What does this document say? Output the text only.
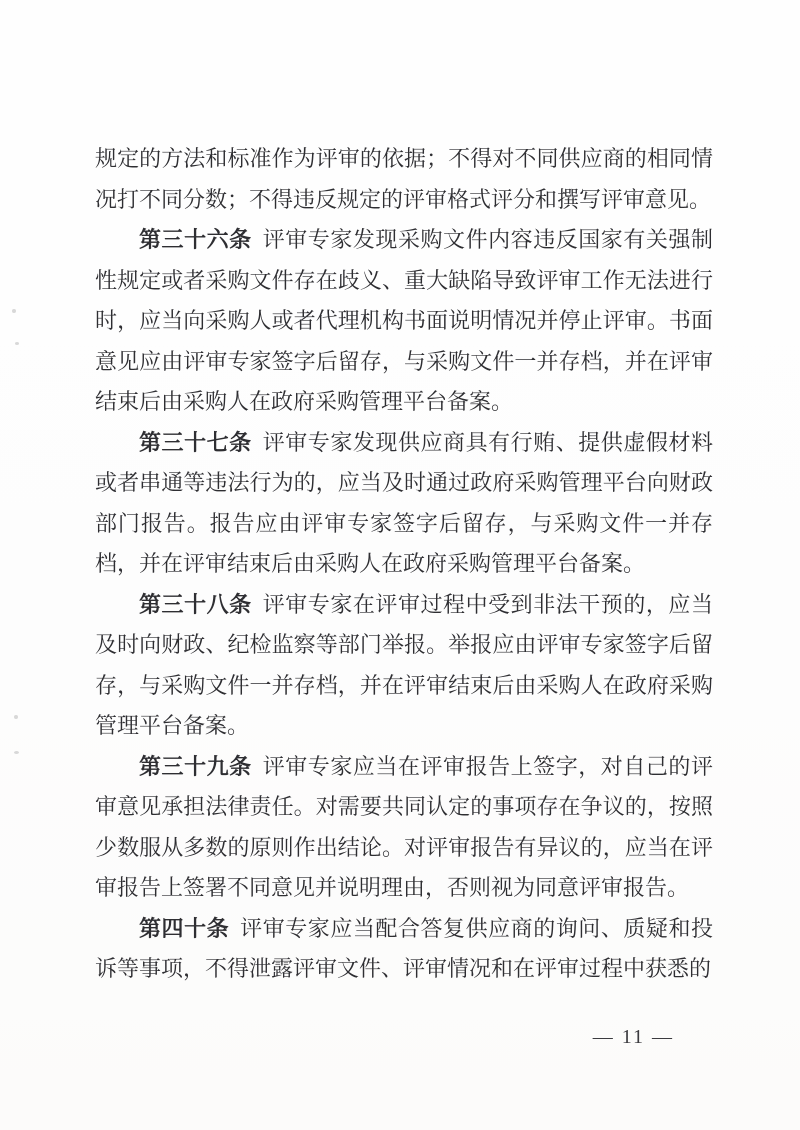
规定的方法和标准作为评审的依据；不得对不同供应商的相同情况打不同分数；不得违反规定的评审格式评分和撰写评审意见。

第三十六条 评审专家发现采购文件内容违反国家有关强制性规定或者采购文件存在歧义、重大缺陷导致评审工作无法进行时，应当向采购人或者代理机构书面说明情况并停止评审。书面意见应由评审专家签字后留存，与采购文件一并存档，并在评审结束后由采购人在政府采购管理平台备案。

第三十七条 评审专家发现供应商具有行贿、提供虚假材料或者串通等违法行为的，应当及时通过政府采购管理平台向财政部门报告。报告应由评审专家签字后留存，与采购文件一并存档，并在评审结束后由采购人在政府采购管理平台备案。

第三十八条 评审专家在评审过程中受到非法干预的，应当及时向财政、纪检监察等部门举报。举报应由评审专家签字后留存，与采购文件一并存档，并在评审结束后由采购人在政府采购管理平台备案。

第三十九条 评审专家应当在评审报告上签字，对自己的评审意见承担法律责任。对需要共同认定的事项存在争议的，按照少数服从多数的原则作出结论。对评审报告有异议的，应当在评审报告上签署不同意见并说明理由，否则视为同意评审报告。

第四十条 评审专家应当配合答复供应商的询问、质疑和投诉等事项，不得泄露评审文件、评审情况和在评审过程中获悉的

— 11 —
